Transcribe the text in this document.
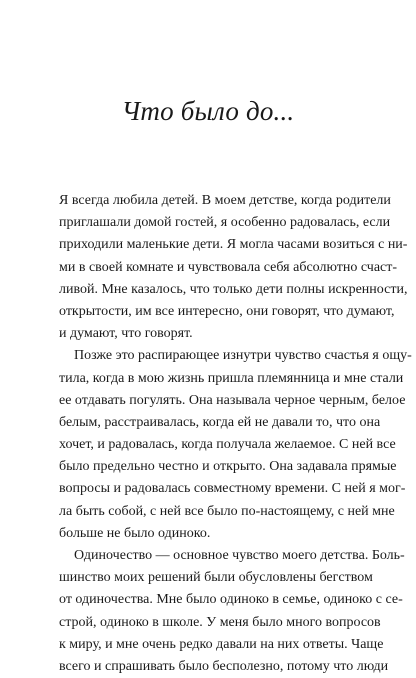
Что было до...
Я всегда любила детей. В моем детстве, когда родители
приглашали домой гостей, я особенно радовалась, если
приходили маленькие дети. Я могла часами возиться с ни-
ми в своей комнате и чувствовала себя абсолютно счаст-
ливой. Мне казалось, что только дети полны искренности,
открытости, им все интересно, они говорят, что думают,
и думают, что говорят.
Позже это распирающее изнутри чувство счастья я ощу-
тила, когда в мою жизнь пришла племянница и мне стали
ее отдавать погулять. Она называла черное черным, белое
белым, расстраивалась, когда ей не давали то, что она
хочет, и радовалась, когда получала желаемое. С ней все
было предельно честно и открыто. Она задавала прямые
вопросы и радовалась совместному времени. С ней я мог-
ла быть собой, с ней все было по-настоящему, с ней мне
больше не было одиноко.
Одиночество — основное чувство моего детства. Боль-
шинство моих решений были обусловлены бегством
от одиночества. Мне было одиноко в семье, одиноко с се-
строй, одиноко в школе. У меня было много вопросов
к миру, и мне очень редко давали на них ответы. Чаще
всего и спрашивать было бесполезно, потому что люди
